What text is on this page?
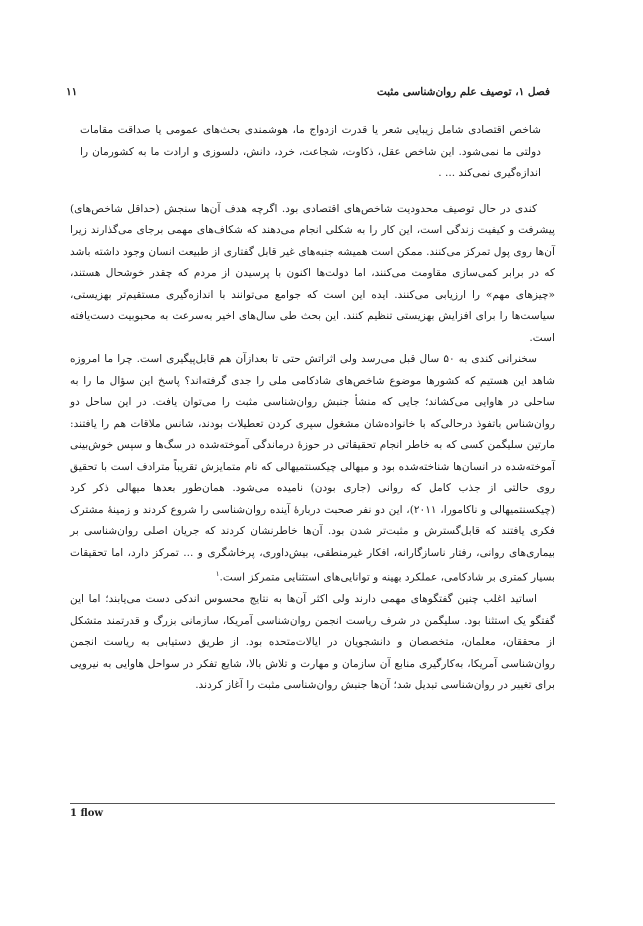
فصل ۱، توصیف علم روان‌شناسی مثبت
۱۱

شاخص اقتصادی شامل زیبایی شعر یا قدرت ازدواج ما، هوشمندی بحث‌های عمومی یا صداقت مقامات دولتی ما نمی‌شود. این شاخص عقل، ذکاوت، شجاعت، خرد، دانش، دلسوزی و ارادت ما به کشورمان را اندازه‌گیری نمی‌کند ... .

کندی در حال توصیف محدودیت شاخص‌های اقتصادی بود. اگرچه هدف آن‌ها سنجش (حداقل شاخص‌های) پیشرفت و کیفیت زندگی است، این کار را به شکلی انجام می‌دهند که شکاف‌های مهمی برجای می‌گذارند زیرا آن‌ها روی پول تمرکز می‌کنند. ممکن است همیشه جنبه‌های غیر قابل گفتاری از طبیعت انسان وجود داشته باشد که در برابر کمی‌سازی مقاومت می‌کنند، اما دولت‌ها اکنون با پرسیدن از مردم که چقدر خوشحال هستند، «چیزهای مهم» را ارزیابی می‌کنند. ایده این است که جوامع می‌توانند با اندازه‌گیری مستقیم‌تر بهزیستی، سیاست‌ها را برای افزایش بهزیستی تنظیم کنند. این بحث طی سال‌های اخیر به‌سرعت به محبوبیت دست‌یافته است.

سخنرانی کندی به ۵۰ سال قبل می‌رسد ولی اثراتش حتی تا بعدازآن هم قابل‌پیگیری است. چرا ما امروزه شاهد این هستیم که کشورها موضوع شاخص‌های شادکامی ملی را جدی گرفته‌اند؟ پاسخ این سؤال ما را به ساحلی در هاوایی می‌کشاند؛ جایی که منشأ جنبش روان‌شناسی مثبت را می‌توان یافت. در این ساحل دو روان‌شناس باتفوذ درحالی‌که با خانواده‌شان مشغول سپری کردن تعطیلات بودند، شانس ملاقات هم را یافتند: مارتین سلیگمن کسی که به خاطر انجام تحقیقاتی در حوزهٔ درماندگی آموخته‌شده در سگ‌ها و سپس خوش‌بینی آموخته‌شده در انسان‌ها شناخته‌شده بود و میهالی چیکسنتمیهالی که نام متمایزش تقریباً مترادف است با تحقیق روی حالتی از جذب کامل که روانی (جاری بودن) نامیده می‌شود. همان‌طور بعدها میهالی ذکر کرد (چیکسنتمیهالی و ناکامورا، ۲۰۱۱)، این دو نفر صحبت دربارهٔ آینده روان‌شناسی را شروع کردند و زمینهٔ مشترک فکری یافتند که قابل‌گسترش و مثبت‌تر شدن بود. آن‌ها خاطرنشان کردند که جریان اصلی روان‌شناسی بر بیماری‌های روانی، رفتار ناسازگارانه، افکار غیرمنطقی، بیش‌داوری، پرخاشگری و ... تمرکز دارد، اما تحقیقات بسیار کمتری بر شادکامی، عملکرد بهینه و توانایی‌های استثنایی متمرکز است.$^۱$

اساتید اغلب چنین گفتگوهای مهمی دارند ولی اکثر آن‌ها به نتایج محسوس اندکی دست می‌یابند؛ اما این گفتگو یک استثنا بود. سلیگمن در شرف ریاست انجمن روان‌شناسی آمریکا، سازمانی بزرگ و قدرتمند متشکل از محققان، معلمان، متخصصان و دانشجویان در ایالات‌متحده بود. از طریق دستیابی به ریاست انجمن روان‌شناسی آمریکا، به‌کارگیری منابع آن سازمان و مهارت و تلاش بالا، شایع تفکر در سواحل هاوایی به نیرویی برای تغییر در روان‌شناسی تبدیل شد؛ آن‌ها جنبش روان‌شناسی مثبت را آغاز کردند.

1 flow
